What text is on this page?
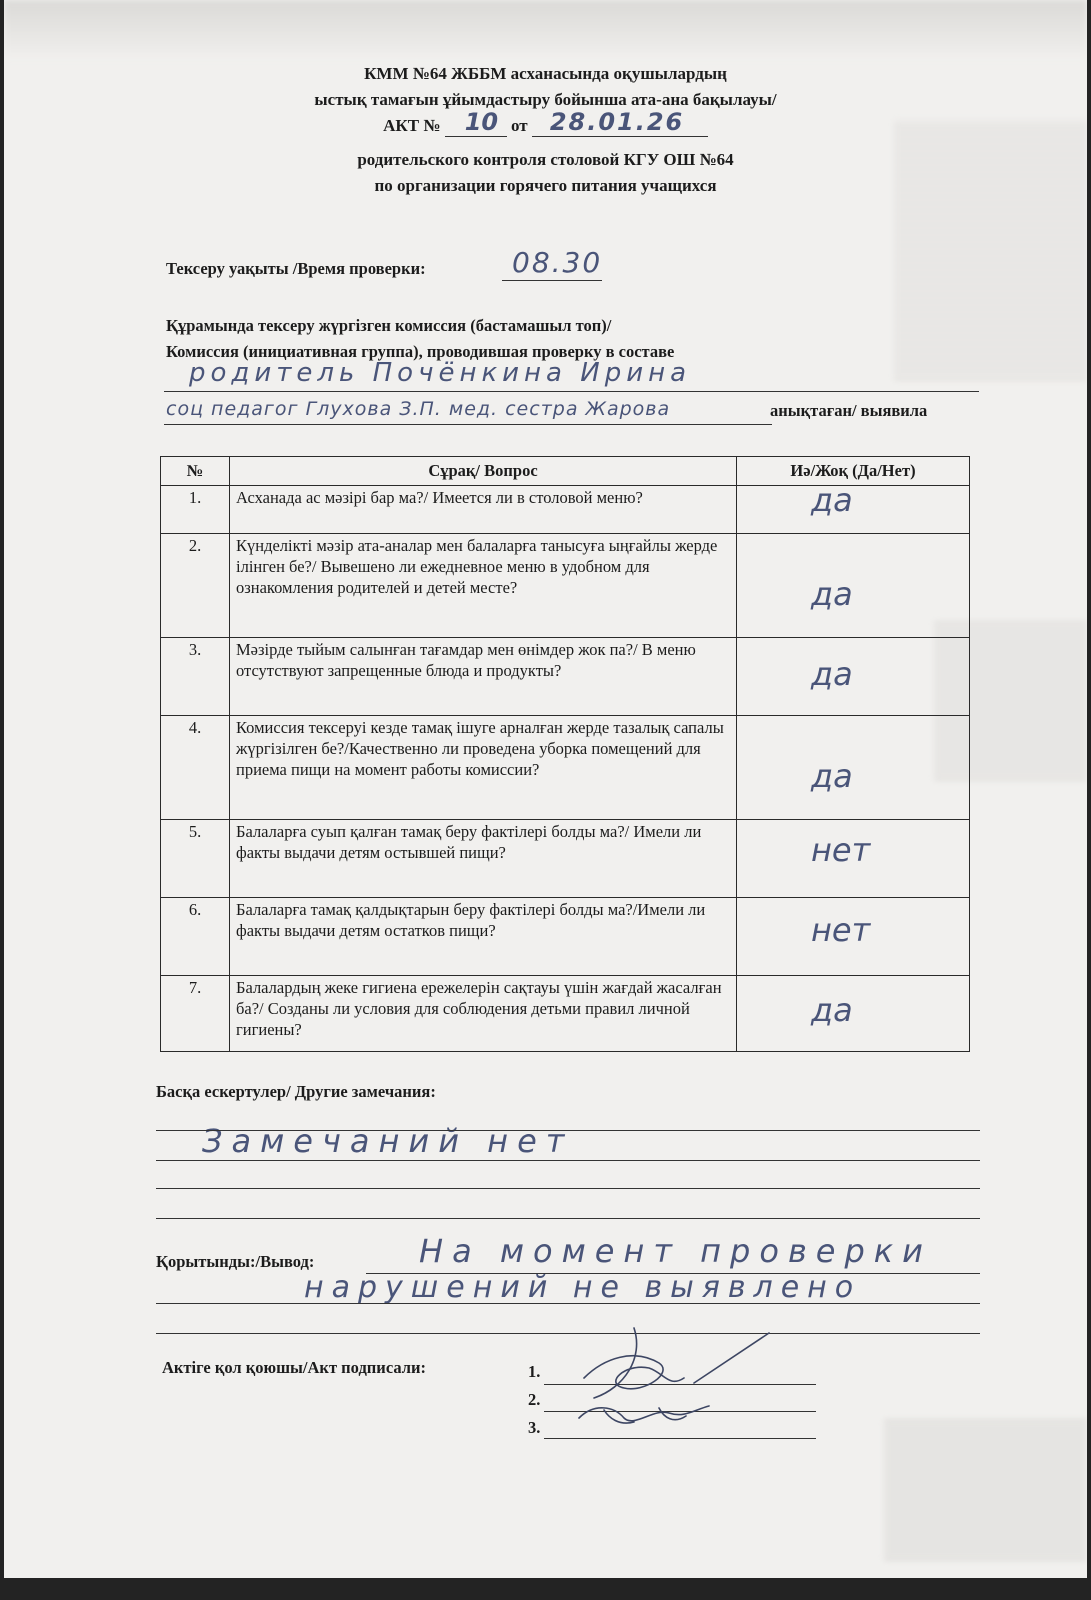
КММ №64 ЖББМ асханасында оқушылардың
ыстық тамағын ұйымдастыру бойынша ата-ана бақылауы/
АКТ № 10 от 28.01.26

родительского контроля столовой КГУ ОШ №64
по организации горячего питания учащихся
Тексеру уақыты /Время проверки:	08.30
Құрамында тексеру жүргізген комиссия (бастамашыл топ)/
Комиссия (инициативная группа), проводившая проверку в составе
родитель Почёнкина Ирина
соц педагог Глухова З.П. мед. сестра Жарова	анықтаған/ выявила
№	Сұрақ/ Вопрос	Иә/Жоқ (Да/Нет)
1.	Асханада ас мәзірі бар ма?/ Имеется ли в столовой меню?	да

2.	Күнделікті мәзір ата-аналар мен балаларға танысуға ыңғайлы жерде ілінген бе?/ Вывешено ли ежедневное меню в удобном для ознакомления родителей и детей месте?	да

3.	Мәзірде тыйым салынған тағамдар мен өнімдер жок па?/ В меню отсутствуют запрещенные блюда и продукты?	да

4.	Комиссия тексеруі кезде тамақ ішуге арналған жерде тазалық сапалы жүргізілген бе?/Качественно ли проведена уборка помещений для приема пищи на момент работы комиссии?	да

5.	Балаларға суып қалған тамақ беру фактілері болды ма?/ Имели ли факты выдачи детям остывшей пищи?	нет

6.	Балаларға тамақ қалдықтарын беру фактілері болды ма?/Имели ли факты выдачи детям остатков пищи?	нет

7.	Балалардың жеке гигиена ережелерін сақтауы үшін жағдай жасалған ба?/ Созданы ли условия для соблюдения детьми правил личной гигиены?	да
Басқа ескертулер/ Другие замечания:
Замечаний нет
Қорытынды:/Вывод:	На момент проверки
нарушений не выявлено
Актіге қол қоюшы/Акт подписали:	1.
2.
3.
